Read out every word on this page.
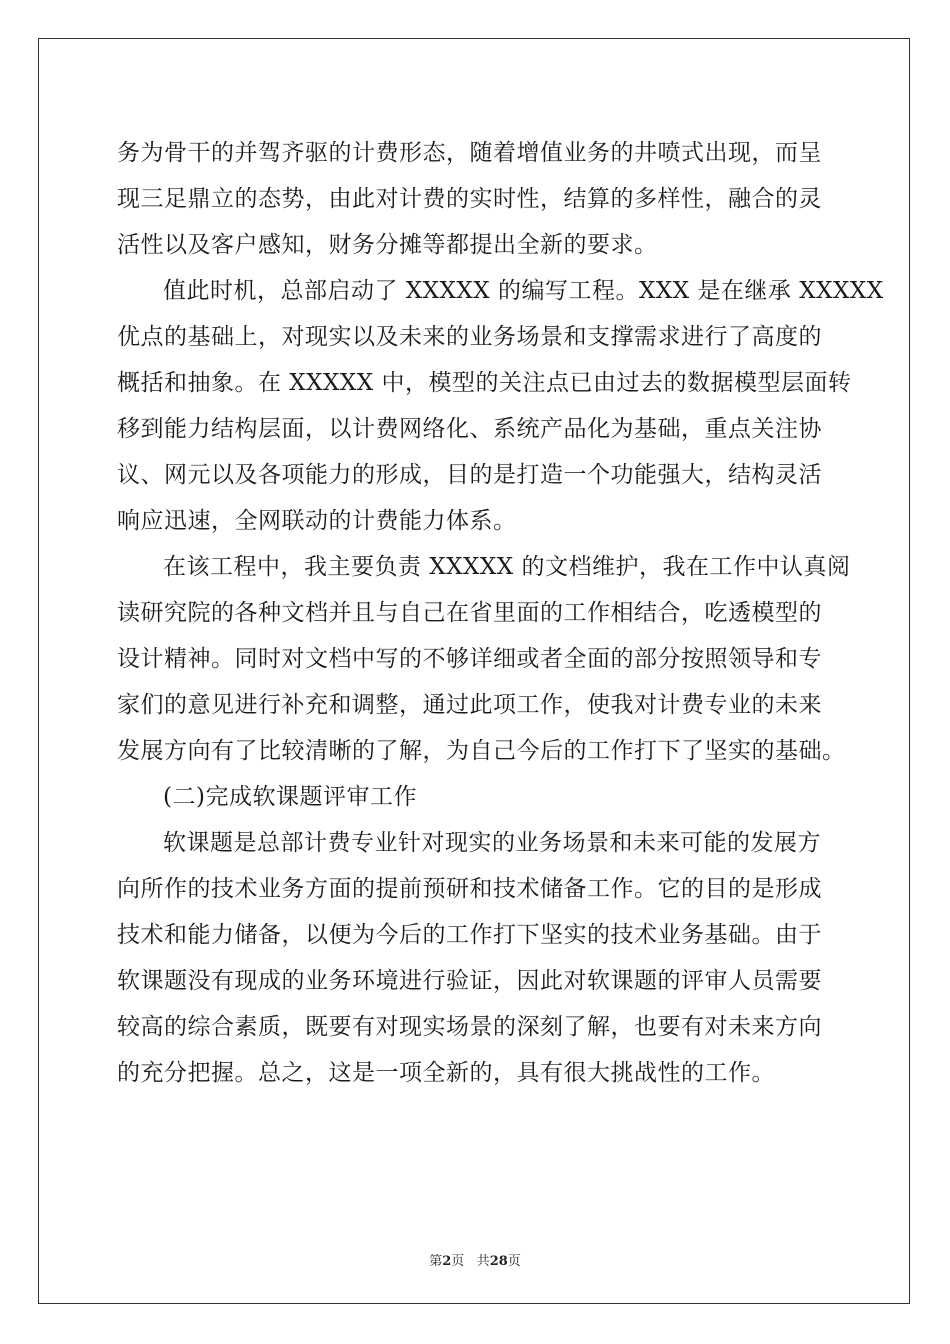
务为骨干的并驾齐驱的计费形态，随着增值业务的井喷式出现，而呈
现三足鼎立的态势，由此对计费的实时性，结算的多样性，融合的灵
活性以及客户感知，财务分摊等都提出全新的要求。

值此时机，总部启动了 XXXXX 的编写工程。XXX 是在继承 XXXXX
优点的基础上，对现实以及未来的业务场景和支撑需求进行了高度的
概括和抽象。在 XXXXX 中，模型的关注点已由过去的数据模型层面转
移到能力结构层面，以计费网络化、系统产品化为基础，重点关注协
议、网元以及各项能力的形成，目的是打造一个功能强大，结构灵活
响应迅速，全网联动的计费能力体系。

在该工程中，我主要负责 XXXXX 的文档维护，我在工作中认真阅
读研究院的各种文档并且与自己在省里面的工作相结合，吃透模型的
设计精神。同时对文档中写的不够详细或者全面的部分按照领导和专
家们的意见进行补充和调整，通过此项工作，使我对计费专业的未来
发展方向有了比较清晰的了解，为自己今后的工作打下了坚实的基础。

(二)完成软课题评审工作

软课题是总部计费专业针对现实的业务场景和未来可能的发展方
向所作的技术业务方面的提前预研和技术储备工作。它的目的是形成
技术和能力储备，以便为今后的工作打下坚实的技术业务基础。由于
软课题没有现成的业务环境进行验证，因此对软课题的评审人员需要
较高的综合素质，既要有对现实场景的深刻了解，也要有对未来方向
的充分把握。总之，这是一项全新的，具有很大挑战性的工作。

第2页 共28页
